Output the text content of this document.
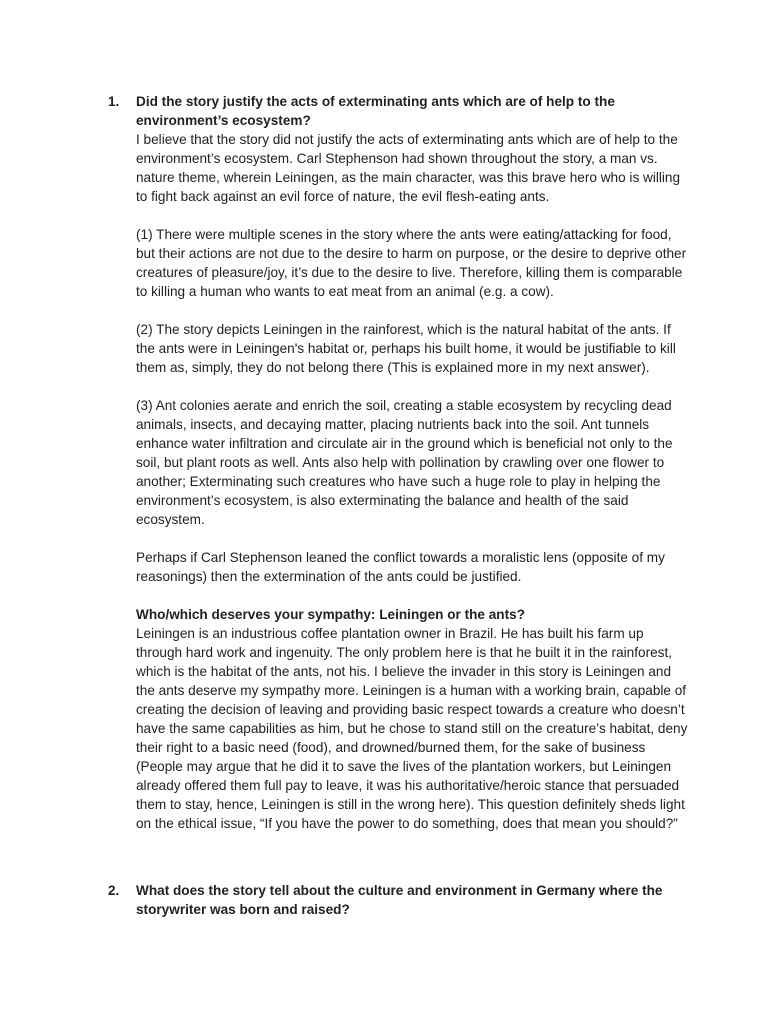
1. Did the story justify the acts of exterminating ants which are of help to the environment’s ecosystem?

I believe that the story did not justify the acts of exterminating ants which are of help to the environment’s ecosystem. Carl Stephenson had shown throughout the story, a man vs. nature theme, wherein Leiningen, as the main character, was this brave hero who is willing to fight back against an evil force of nature, the evil flesh-eating ants.

(1) There were multiple scenes in the story where the ants were eating/attacking for food, but their actions are not due to the desire to harm on purpose, or the desire to deprive other creatures of pleasure/joy, it’s due to the desire to live. Therefore, killing them is comparable to killing a human who wants to eat meat from an animal (e.g. a cow).

(2) The story depicts Leiningen in the rainforest, which is the natural habitat of the ants. If the ants were in Leiningen's habitat or, perhaps his built home, it would be justifiable to kill them as, simply, they do not belong there (This is explained more in my next answer).

(3) Ant colonies aerate and enrich the soil, creating a stable ecosystem by recycling dead animals, insects, and decaying matter, placing nutrients back into the soil. Ant tunnels enhance water infiltration and circulate air in the ground which is beneficial not only to the soil, but plant roots as well. Ants also help with pollination by crawling over one flower to another; Exterminating such creatures who have such a huge role to play in helping the environment’s ecosystem, is also exterminating the balance and health of the said ecosystem.

Perhaps if Carl Stephenson leaned the conflict towards a moralistic lens (opposite of my reasonings) then the extermination of the ants could be justified.

Who/which deserves your sympathy: Leiningen or the ants?

Leiningen is an industrious coffee plantation owner in Brazil. He has built his farm up through hard work and ingenuity. The only problem here is that he built it in the rainforest, which is the habitat of the ants, not his. I believe the invader in this story is Leiningen and the ants deserve my sympathy more. Leiningen is a human with a working brain, capable of creating the decision of leaving and providing basic respect towards a creature who doesn’t have the same capabilities as him, but he chose to stand still on the creature’s habitat, deny their right to a basic need (food), and drowned/burned them, for the sake of business (People may argue that he did it to save the lives of the plantation workers, but Leiningen already offered them full pay to leave, it was his authoritative/heroic stance that persuaded them to stay, hence, Leiningen is still in the wrong here). This question definitely sheds light on the ethical issue, “If you have the power to do something, does that mean you should?”

2. What does the story tell about the culture and environment in Germany where the storywriter was born and raised?
